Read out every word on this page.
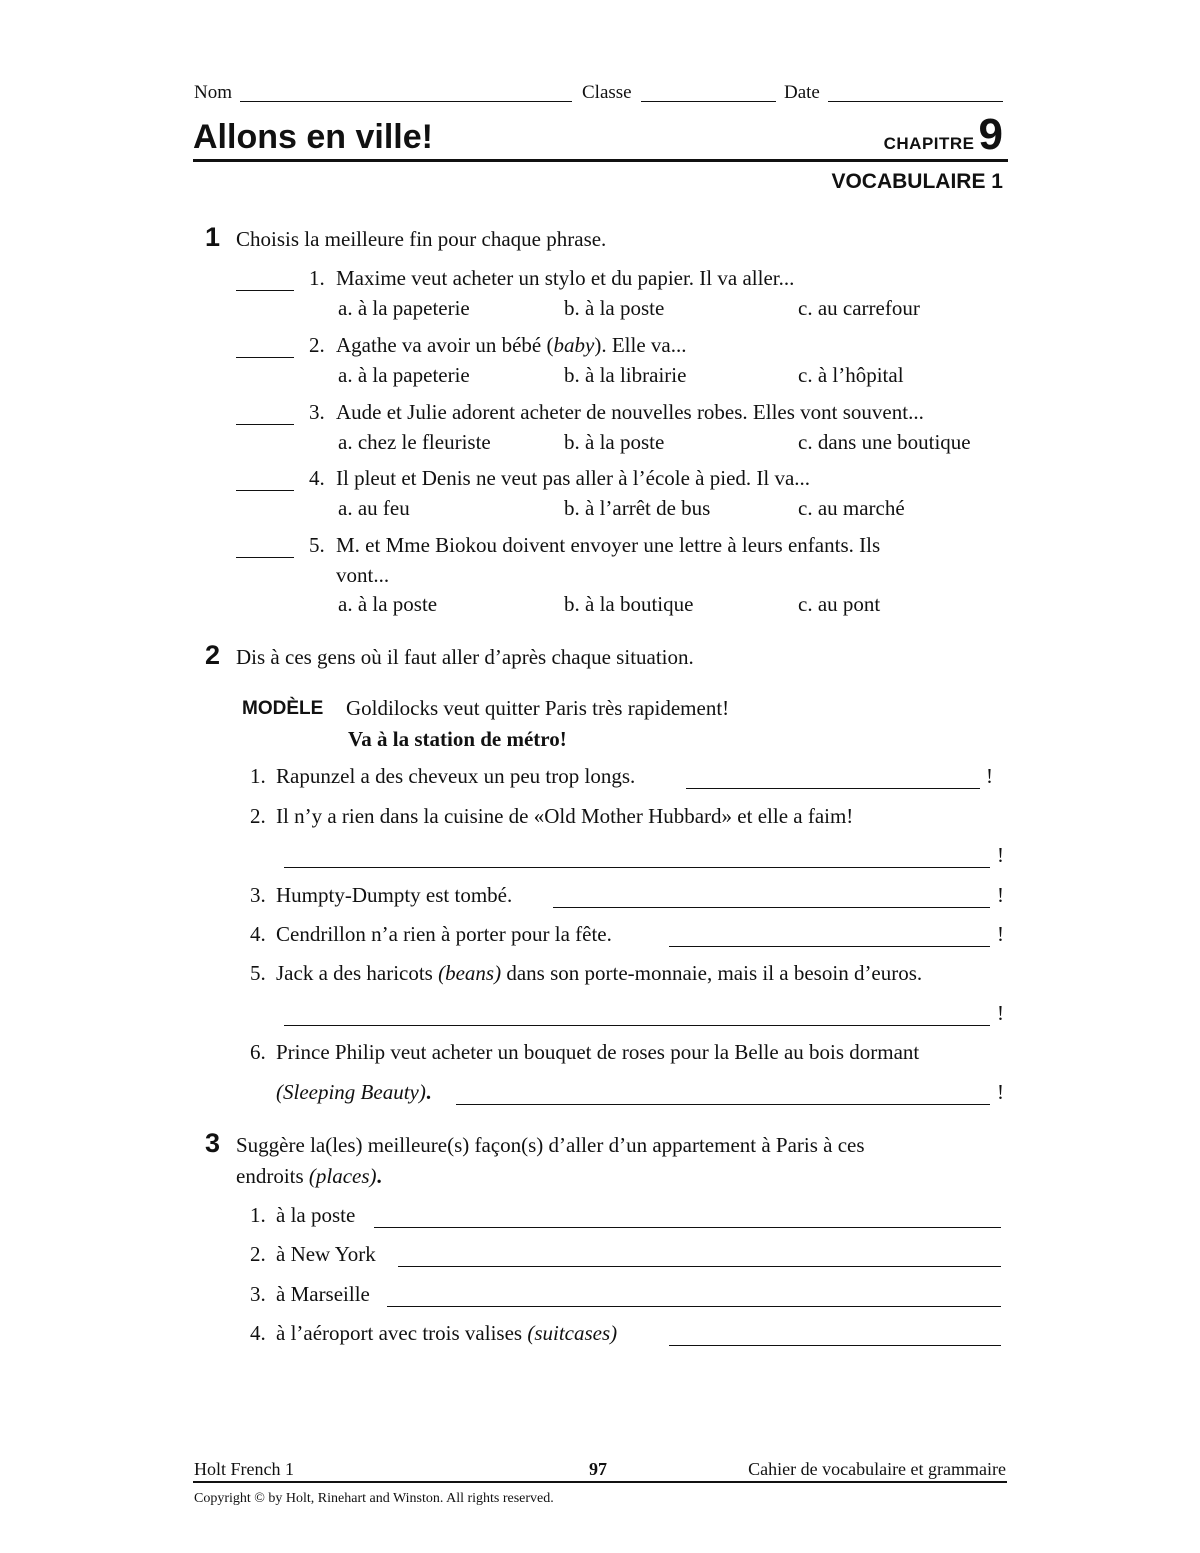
Nom	Classe	Date
Allons en ville!	CHAPITRE 9
VOCABULAIRE 1
1 Choisis la meilleure fin pour chaque phrase.
1. Maxime veut acheter un stylo et du papier. Il va aller...
a. à la papeterie	b. à la poste	c. au carrefour
2. Agathe va avoir un bébé (baby). Elle va...
a. à la papeterie	b. à la librairie	c. à l’hôpital
3. Aude et Julie adorent acheter de nouvelles robes. Elles vont souvent...
a. chez le fleuriste	b. à la poste	c. dans une boutique
4. Il pleut et Denis ne veut pas aller à l’école à pied. Il va...
a. au feu	b. à l’arrêt de bus	c. au marché
5. M. et Mme Biokou doivent envoyer une lettre à leurs enfants. Ils
vont...
a. à la poste	b. à la boutique	c. au pont
2 Dis à ces gens où il faut aller d’après chaque situation.
MODÈLE Goldilocks veut quitter Paris très rapidement!
Va à la station de métro!
1. Rapunzel a des cheveux un peu trop longs.	!
2. Il n’y a rien dans la cuisine de «Old Mother Hubbard» et elle a faim!
!
3. Humpty-Dumpty est tombé.	!
4. Cendrillon n’a rien à porter pour la fête.	!
5. Jack a des haricots (beans) dans son porte-monnaie, mais il a besoin d’euros.
!
6. Prince Philip veut acheter un bouquet de roses pour la Belle au bois dormant
(Sleeping Beauty).	!
3 Suggère la(les) meilleure(s) façon(s) d’aller d’un appartement à Paris à ces
endroits (places).
1. à la poste
2. à New York
3. à Marseille
4. à l’aéroport avec trois valises (suitcases)
Holt French 1	97	Cahier de vocabulaire et grammaire
Copyright © by Holt, Rinehart and Winston. All rights reserved.
